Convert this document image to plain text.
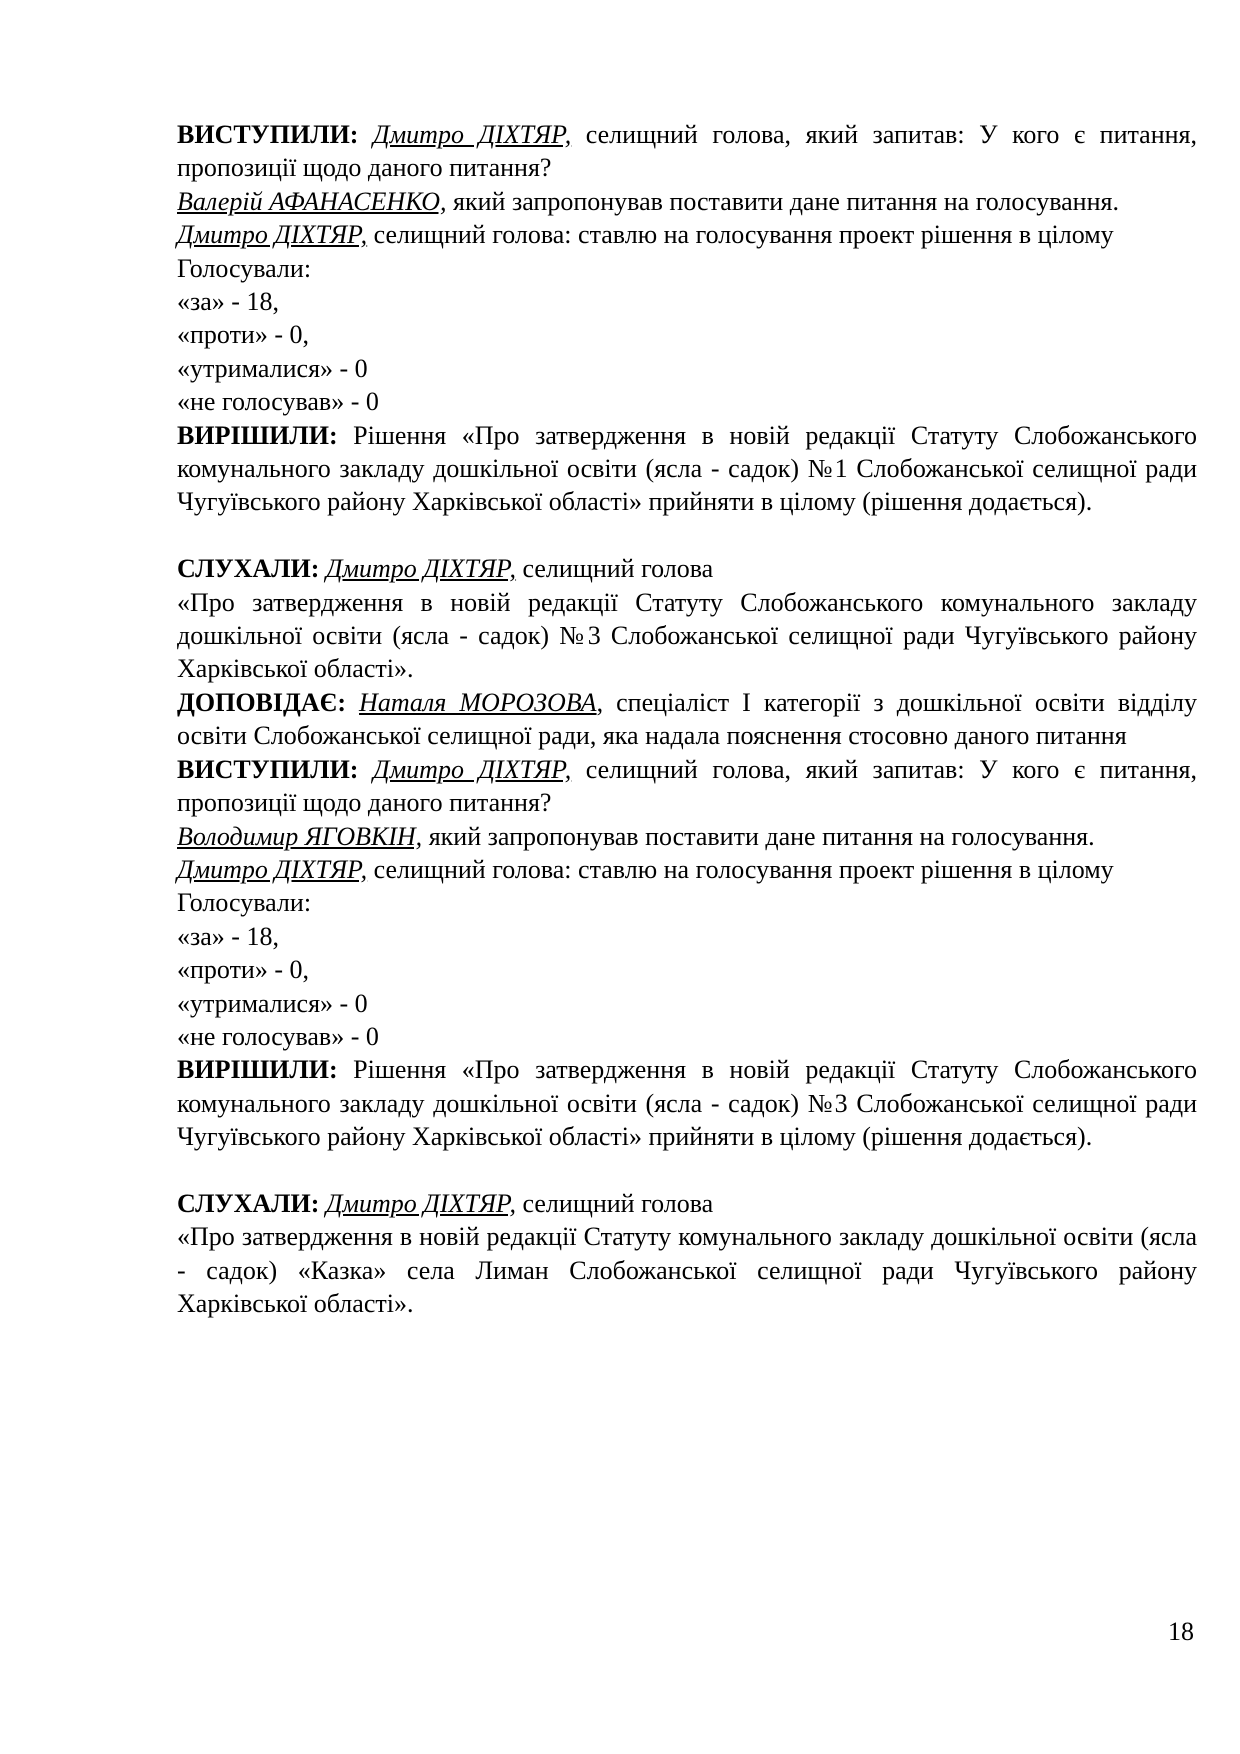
ВИСТУПИЛИ: Дмитро ДІХТЯР, селищний голова, який запитав: У кого є питання, пропозиції щодо даного питання?

Валерій АФАНАСЕНКО, який запропонував поставити дане питання на голосування.

Дмитро ДІХТЯР, селищний голова: ставлю на голосування проект рішення в цілому

Голосували:
«за» - 18,
«проти» - 0,
«утрималися» - 0
«не голосував» - 0

ВИРІШИЛИ: Рішення «Про затвердження в новій редакції Статуту Слобожанського комунального закладу дошкільної освіти (ясла - садок) №1 Слобожанської селищної ради Чугуївського району Харківської області» прийняти в цілому (рішення додається).

СЛУХАЛИ: Дмитро ДІХТЯР, селищний голова

«Про затвердження в новій редакції Статуту Слобожанського комунального закладу дошкільної освіти (ясла - садок) №3 Слобожанської селищної ради Чугуївського району Харківської області».

ДОПОВІДАЄ: Наталя МОРОЗОВА, спеціаліст І категорії з дошкільної освіти відділу освіти Слобожанської селищної ради, яка надала пояснення стосовно даного питання

ВИСТУПИЛИ: Дмитро ДІХТЯР, селищний голова, який запитав: У кого є питання, пропозиції щодо даного питання?

Володимир ЯГОВКІН, який запропонував поставити дане питання на голосування.

Дмитро ДІХТЯР, селищний голова: ставлю на голосування проект рішення в цілому

Голосували:
«за» - 18,
«проти» - 0,
«утрималися» - 0
«не голосував» - 0

ВИРІШИЛИ: Рішення «Про затвердження в новій редакції Статуту Слобожанського комунального закладу дошкільної освіти (ясла - садок) №3 Слобожанської селищної ради Чугуївського району Харківської області» прийняти в цілому (рішення додається).

СЛУХАЛИ: Дмитро ДІХТЯР, селищний голова

«Про затвердження в новій редакції Статуту комунального закладу дошкільної освіти (ясла - садок) «Казка» села Лиман Слобожанської селищної ради Чугуївського району Харківської області».

18
